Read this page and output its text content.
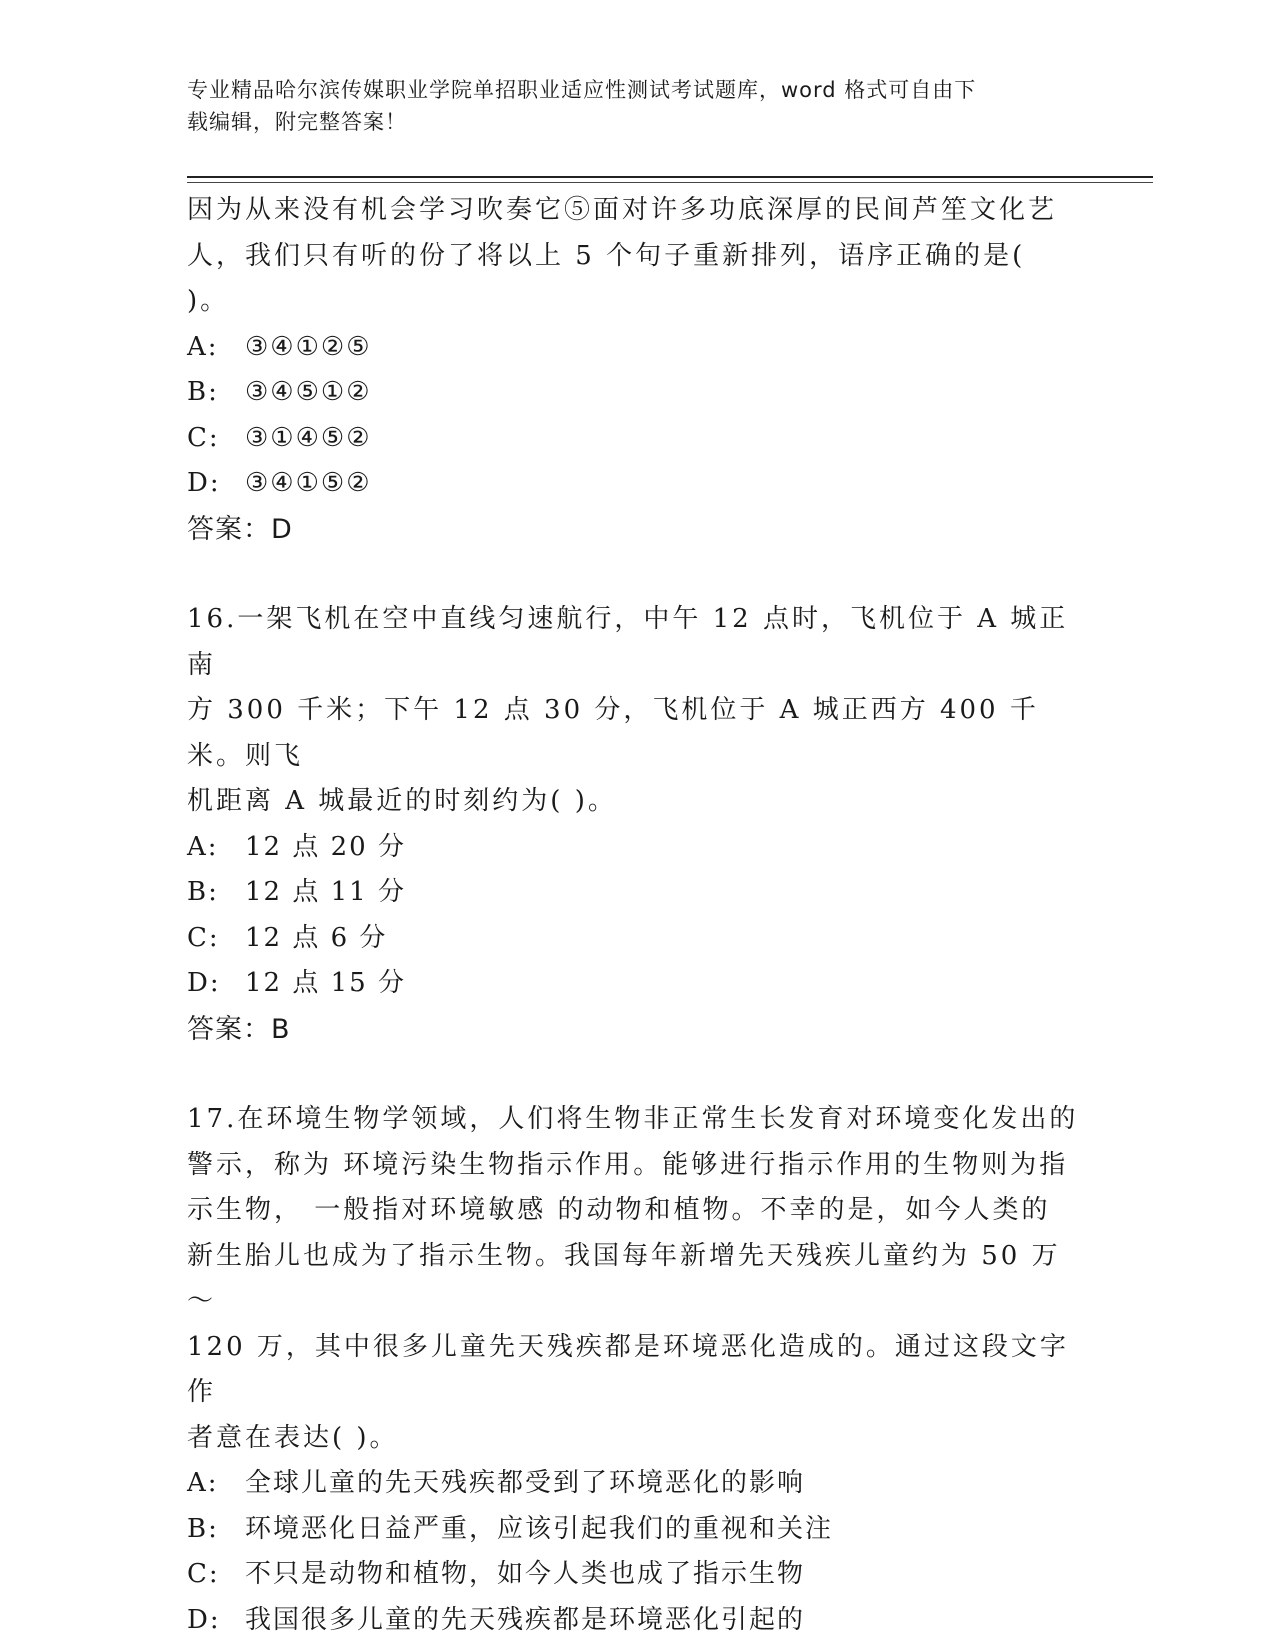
专业精品哈尔滨传媒职业学院单招职业适应性测试考试题库，word 格式可自由下
载编辑，附完整答案！

因为从来没有机会学习吹奏它⑤面对许多功底深厚的民间芦笙文化艺

人，我们只有听的份了将以上 5 个句子重新排列，语序正确的是(

)。

A: ③④①②⑤

B: ③④⑤①②

C: ③①④⑤②

D: ③④①⑤②

答案：D

16.一架飞机在空中直线匀速航行，中午 12 点时，飞机位于 A 城正南

方 300 千米；下午 12 点 30 分，飞机位于 A 城正西方 400 千米。则飞

机距离 A 城最近的时刻约为( )。

A: 12 点 20 分

B: 12 点 11 分

C: 12 点 6 分

D: 12 点 15 分

答案：B

17.在环境生物学领域，人们将生物非正常生长发育对环境变化发出的

警示，称为 环境污染生物指示作用。能够进行指示作用的生物则为指

示生物， 一般指对环境敏感 的动物和植物。不幸的是，如今人类的

新生胎儿也成为了指示生物。我国每年新增先天残疾儿童约为 50 万～

120 万，其中很多儿童先天残疾都是环境恶化造成的。通过这段文字作

者意在表达( )。

A: 全球儿童的先天残疾都受到了环境恶化的影响

B: 环境恶化日益严重，应该引起我们的重视和关注

C: 不只是动物和植物，如今人类也成了指示生物

D: 我国很多儿童的先天残疾都是环境恶化引起的
